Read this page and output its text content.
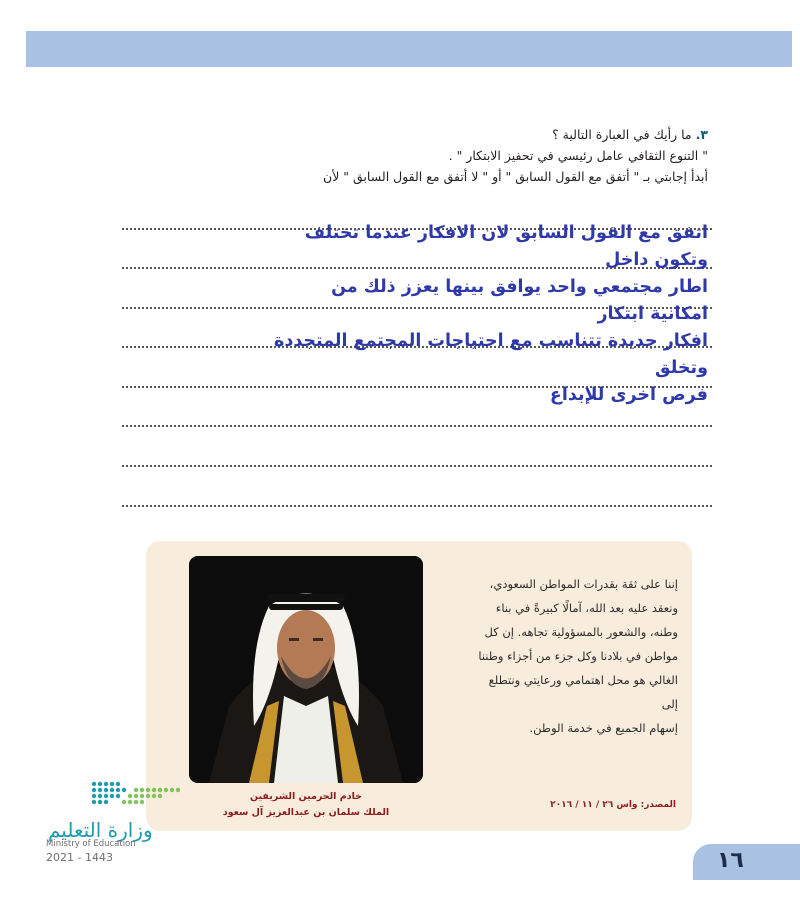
٣. ما رأيك في العبارة التالية ؟
" التنوع الثقافي عامل رئيسي في تحفيز الابتكار " .
أبدأ إجابتي بـ " أتفق مع القول السابق " أو " لا أتفق مع القول السابق " لأن
اتفق مع القول السابق لان الافكار عندما تختلف وتكون داخل
اطار مجتمعي واحد يوافق بينها يعزز ذلك من امكانية ابتكار
افكار جديدة تتناسب مع احتياجات المجتمع المتجددة وتخلق
فرص اخرى للإبداع
خادم الحرمين الشريفين
الملك سلمان بن عبدالعزيز آل سعود
إننا على ثقة بقدرات المواطن السعودي،
ونعقد عليه بعد الله، آمالًا كبيرةً في بناء
وطنه، والشعور بالمسؤولية تجاهه. إن كل
مواطن في بلادنا وكل جزء من أجزاء وطننا
الغالي هو محل اهتمامي ورعايتي ونتطلع إلى
إسهام الجميع في خدمة الوطن.
المصدر: واس ٢٦ / ١١ / ٢٠١٦
وزارة التعليم
Ministry of Education
2021 - 1443	١٦
